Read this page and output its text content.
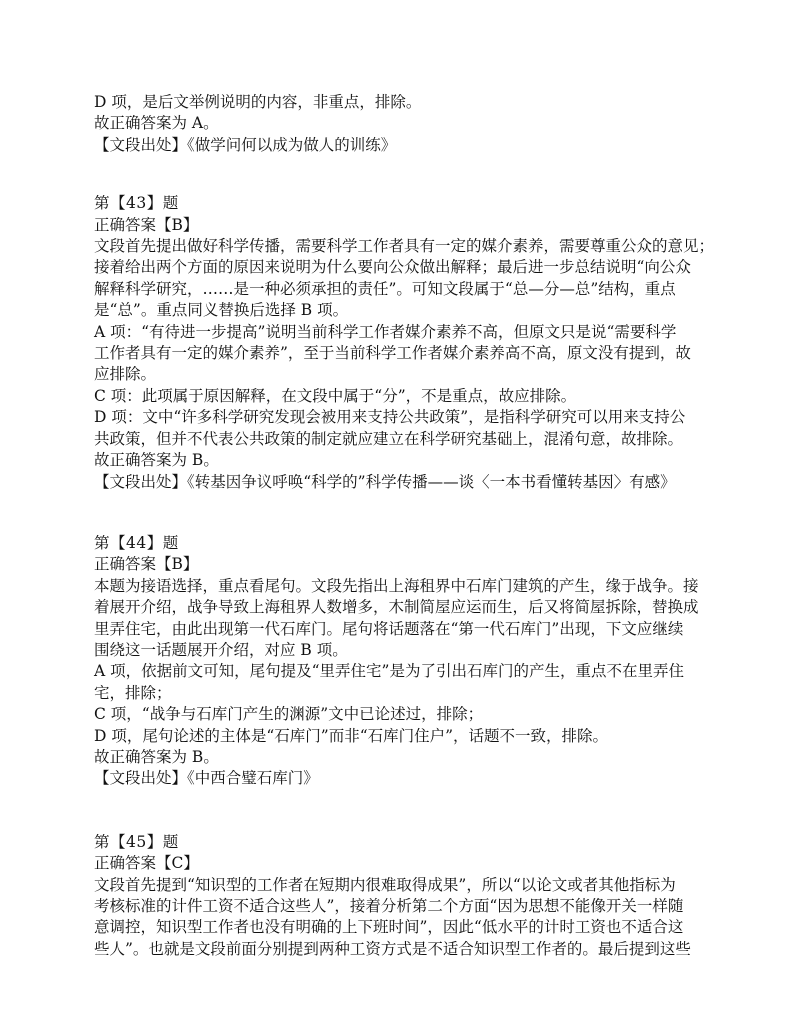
D 项，是后文举例说明的内容，非重点，排除。
故正确答案为 A。
【文段出处】《做学问何以成为做人的训练》
第【43】题
正确答案【B】
文段首先提出做好科学传播，需要科学工作者具有一定的媒介素养，需要尊重公众的意见；
接着给出两个方面的原因来说明为什么要向公众做出解释；最后进一步总结说明“向公众
解释科学研究，……是一种必须承担的责任”。可知文段属于“总—分—总”结构，重点
是“总”。重点同义替换后选择 B 项。
A 项：“有待进一步提高”说明当前科学工作者媒介素养不高，但原文只是说“需要科学
工作者具有一定的媒介素养”，至于当前科学工作者媒介素养高不高，原文没有提到，故
应排除。
C 项：此项属于原因解释，在文段中属于“分”，不是重点，故应排除。
D 项：文中“许多科学研究发现会被用来支持公共政策”，是指科学研究可以用来支持公
共政策，但并不代表公共政策的制定就应建立在科学研究基础上，混淆句意，故排除。
故正确答案为 B。
【文段出处】《转基因争议呼唤“科学的”科学传播——谈〈一本书看懂转基因〉有感》
第【44】题
正确答案【B】
本题为接语选择，重点看尾句。文段先指出上海租界中石库门建筑的产生，缘于战争。接
着展开介绍，战争导致上海租界人数增多，木制简屋应运而生，后又将简屋拆除，替换成
里弄住宅，由此出现第一代石库门。尾句将话题落在“第一代石库门”出现，下文应继续
围绕这一话题展开介绍，对应 B 项。
A 项，依据前文可知，尾句提及“里弄住宅”是为了引出石库门的产生，重点不在里弄住
宅，排除；
C 项，“战争与石库门产生的渊源”文中已论述过，排除；
D 项，尾句论述的主体是“石库门”而非“石库门住户”，话题不一致，排除。
故正确答案为 B。
【文段出处】《中西合璧石库门》
第【45】题
正确答案【C】
文段首先提到“知识型的工作者在短期内很难取得成果”，所以“以论文或者其他指标为
考核标准的计件工资不适合这些人”，接着分析第二个方面“因为思想不能像开关一样随
意调控，知识型工作者也没有明确的上下班时间”，因此“低水平的计时工资也不适合这
些人”。也就是文段前面分别提到两种工资方式是不适合知识型工作者的。最后提到这些
